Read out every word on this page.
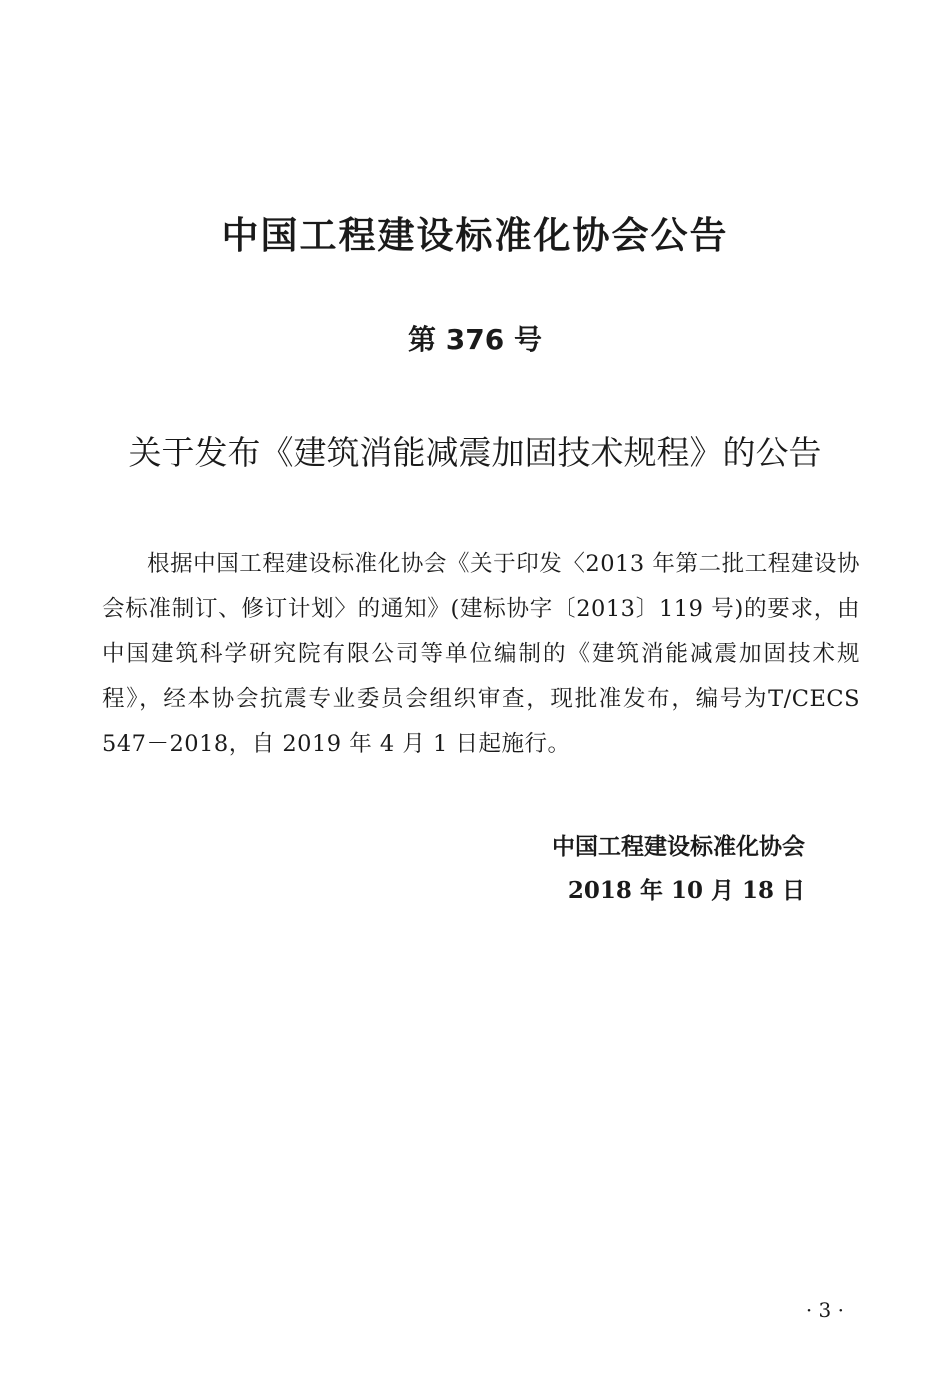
中国工程建设标准化协会公告
第 376 号
关于发布《建筑消能减震加固技术规程》的公告

根据中国工程建设标准化协会《关于印发〈2013 年第二批工程建设协会标准制订、修订计划〉的通知》(建标协字〔2013〕119 号)的要求，由中国建筑科学研究院有限公司等单位编制的《建筑消能减震加固技术规程》，经本协会抗震专业委员会组织审查，现批准发布，编号为T/CECS 547－2018，自 2019 年 4 月 1 日起施行。

中国工程建设标准化协会
2018 年 10 月 18 日
· 3 ·
